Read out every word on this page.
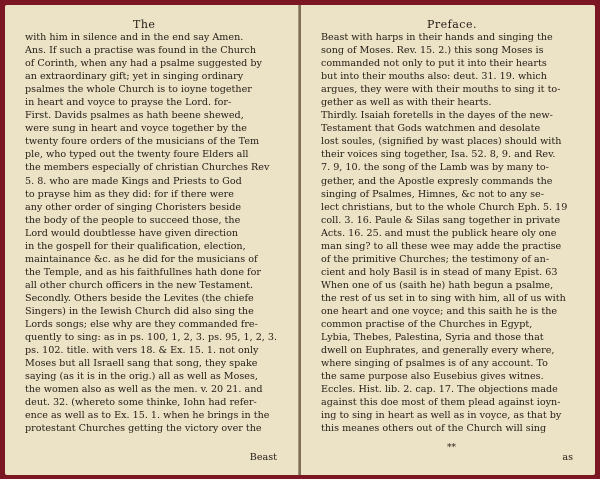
The
with him in silence and in the end say Amen.
Ans. If such a practise was found in the Church
of Corinth, when any had a psalme suggested by
an extraordinary gift; yet in singing ordinary
psalmes the whole Church is to ioyne together
in heart and voyce to prayse the Lord. for-
First. Davids psalmes as hath beene shewed,
were sung in heart and voyce together by the
twenty foure orders of the musicians of the Tem
ple, who typed out the twenty foure Elders all
the members especially of christian Churches Rev
5. 8. who are made Kings and Priests to God
to prayse him as they did: for if there were
any other order of singing Choristers beside
the body of the people to succeed those, the
Lord would doubtlesse have given direction
in the gospell for their qualification, election,
maintainance &c. as he did for the musicians of
the Temple, and as his faithfullnes hath done for
all other church officers in the new Testament.
Secondly. Others beside the Levites (the chiefe
Singers) in the Iewish Church did also sing the
Lords songs; else why are they commanded fre-
quently to sing: as in ps. 100, 1, 2, 3. ps. 95, 1, 2, 3.
ps. 102. title. with vers 18. & Ex. 15. 1. not only
Moses but all Israell sang that song, they spake
saying (as it is in the orig.) all as well as Moses,
the women also as well as the men. v. 20 21. and
deut. 32. (whereto some thinke, Iohn had refer-
ence as well as to Ex. 15. 1. when he brings in the
protestant Churches getting the victory over the
Beast
Preface.
Beast with harps in their hands and singing the
song of Moses. Rev. 15. 2.) this song Moses is
commanded not only to put it into their hearts
but into their mouths also: deut. 31. 19. which
argues, they were with their mouths to sing it to-
gether as well as with their hearts.
Thirdly. Isaiah foretells in the dayes of the new-
Testament that Gods watchmen and desolate
lost soules, (signified by wast places) should with
their voices sing together, Isa. 52. 8, 9. and Rev.
7. 9, 10. the song of the Lamb was by many to-
gether, and the Apostle expresly commands the
singing of Psalmes, Himnes, &c not to any se-
lect christians, but to the whole Church Eph. 5. 19
coll. 3. 16. Paule & Silas sang together in private
Acts. 16. 25. and must the publick heare oly one
man sing? to all these wee may adde the practise
of the primitive Churches; the testimony of an-
cient and holy Basil is in stead of many Epist. 63
When one of us (saith he) hath begun a psalme,
the rest of us set in to sing with him, all of us with
one heart and one voyce; and this saith he is the
common practise of the Churches in Egypt,
Lybia, Thebes, Palestina, Syria and those that
dwell on Euphrates, and generally every where,
where singing of psalmes is of any account. To
the same purpose also Eusebius gives witnes.
Eccles. Hist. lib. 2. cap. 17. The objections made
against this doe most of them plead against ioyn-
ing to sing in heart as well as in voyce, as that by
this meanes others out of the Church will sing
**
as
